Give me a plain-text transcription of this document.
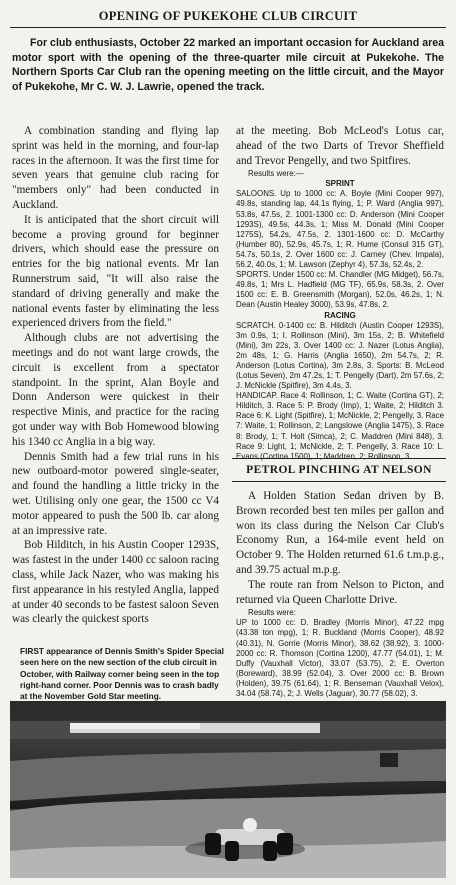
OPENING OF PUKEKOHE CLUB CIRCUIT
For club enthusiasts, October 22 marked an important occasion for Auckland area motor sport with the opening of the three-quarter mile circuit at Pukekohe. The Northern Sports Car Club ran the opening meeting on the little circuit, and the Mayor of Pukekohe, Mr C. W. J. Lawrie, opened the track.

A combination standing and flying lap sprint was held in the morning, and four-lap races in the afternoon. It was the first time for seven years that genuine club racing for "members only" had been conducted in Auckland.

It is anticipated that the short circuit will become a proving ground for beginner drivers, which should ease the pressure on entries for the big national events. Mr Ian Runnerstrum said, "It will also raise the standard of driving generally and make the national events faster by eliminating the less experienced drivers from the field."

Although clubs are not advertising the meetings and do not want large crowds, the circuit is excellent from a spectator standpoint. In the sprint, Alan Boyle and Donn Anderson were quickest in their respective Minis, and practice for the racing got under way with Bob Homewood blowing his 1340 cc Anglia in a big way.

Dennis Smith had a few trial runs in his new outboard-motor powered single-seater, and found the handling a little tricky in the wet. Utilising only one gear, the 1500 cc V4 motor appeared to push the 500 lb. car along at an impressive rate.

Bob Hilditch, in his Austin Cooper 1293S, was fastest in the under 1400 cc saloon racing class, while Jack Nazer, who was making his first appearance in his restyled Anglia, lapped at under 40 seconds to be fastest saloon Seven was clearly the quickest sports

at the meeting. Bob McLeod's Lotus car, ahead of the two Darts of Trevor Sheffield and Trevor Pengelly, and two Spitfires.

Results were:—
SPRINT
SALOONS. Up to 1000 cc: A. Boyle (Mini Cooper 997), 49.8s, standing lap, 44.1s flying, 1; P. Ward (Anglia 997), 53.8s, 47.5s, 2. 1001-1300 cc: D. Anderson (Mini Cooper 1293S), 49.5s, 44.3s, 1; Miss M. Donald (Mini Cooper 1275S), 54.2s, 47.5s, 2. 1301-1600 cc: D. McCarthy (Humber 80), 52.9s, 45.7s, 1; R. Hume (Consul 315 GT), 54.7s, 50.1s, 2. Over 1600 cc: J. Carney (Chev. Impala), 56.2, 40.0s, 1; M. Lawson (Zephyr 4), 57.3s, 52.4s, 2.
SPORTS. Under 1500 cc: M. Chandler (MG Midget), 56.7s, 49.8s, 1; Mrs L. Hadfield (MG TF), 65.9s, 58.3s, 2. Over 1500 cc: E. B. Greensmith (Morgan), 52.0s, 46.2s, 1; N. Dean (Austin Healey 3000), 53.9s, 47.8s, 2.
RACING
SCRATCH. 0-1400 cc: B. Hilditch (Austin Cooper 1293S), 3m 0.9s, 1; I. Rollinson (Mini), 3m 15s, 2; B. Whitefield (Mini), 3m 22s, 3. Over 1400 cc: J. Nazer (Lotus Anglia), 2m 48s, 1; G. Harris (Anglia 1650), 2m 54.7s, 2; R. Anderson (Lotus Cortina), 3m 2.8s, 3. Sports: B. McLeod (Lotus Seven), 2m 47.2s, 1; T. Pengelly (Dart), 2m 57.6s, 2; J. McNickle (Spitfire), 3m 4.4s, 3.
HANDICAP. Race 4: Rollinson, 1; C. Waite (Cortina GT), 2; Hilditch, 3. Race 5: P. Brody (Imp), 1; Waite, 2; Hilditch 3. Race 6: K. Light (Spitfire), 1; McNickle, 2; Pengelly, 3. Race 7: Waite, 1; Rollinson, 2; Langslowe (Anglia 1475), 3. Race 8: Brody, 1; T. Holt (Simca), 2; C. Maddren (Mini 848), 3. Race 9: Light, 1; McNickle, 2; T. Pengelly, 3. Race 10: L. Evans (Cortina 1500), 1; Maddren, 2; Rollinson, 3.
PETROL PINCHING AT NELSON

A Holden Station Sedan driven by B. Brown recorded best ten miles per gallon and won its class during the Nelson Car Club's Economy Run, a 164-mile event held on October 9. The Holden returned 61.6 t.m.p.g., and 39.75 actual m.p.g.

The route ran from Nelson to Picton, and returned via Queen Charlotte Drive.

Results were:
UP to 1000 cc: D. Bradley (Morris Minor), 47.22 mpg (43.38 ton mpg), 1; R. Buckland (Morris Cooper), 48.92 (40.31), N. Gorrie (Morris Minor), 38.62 (38.92), 3. 1000-2000 cc: R. Thomson (Cortina 1200), 47.77 (54.01), 1; M. Duffy (Vauxhall Victor), 33.07 (53.75), 2; E. Overton (Boreward), 38.99 (52.04), 3. Over 2000 cc: B. Brown (Holden), 39.75 (61.64), 1; R. Benseman (Vauxhall Velox), 34.04 (58.74), 2; J. Wells (Jaguar), 30.77 (58.02), 3.
FIRST appearance of Dennis Smith's Spider Special seen here on the new section of the club circuit in October, with Railway corner being seen in the top right-hand corner. Poor Dennis was to crash badly at the November Gold Star meeting.
